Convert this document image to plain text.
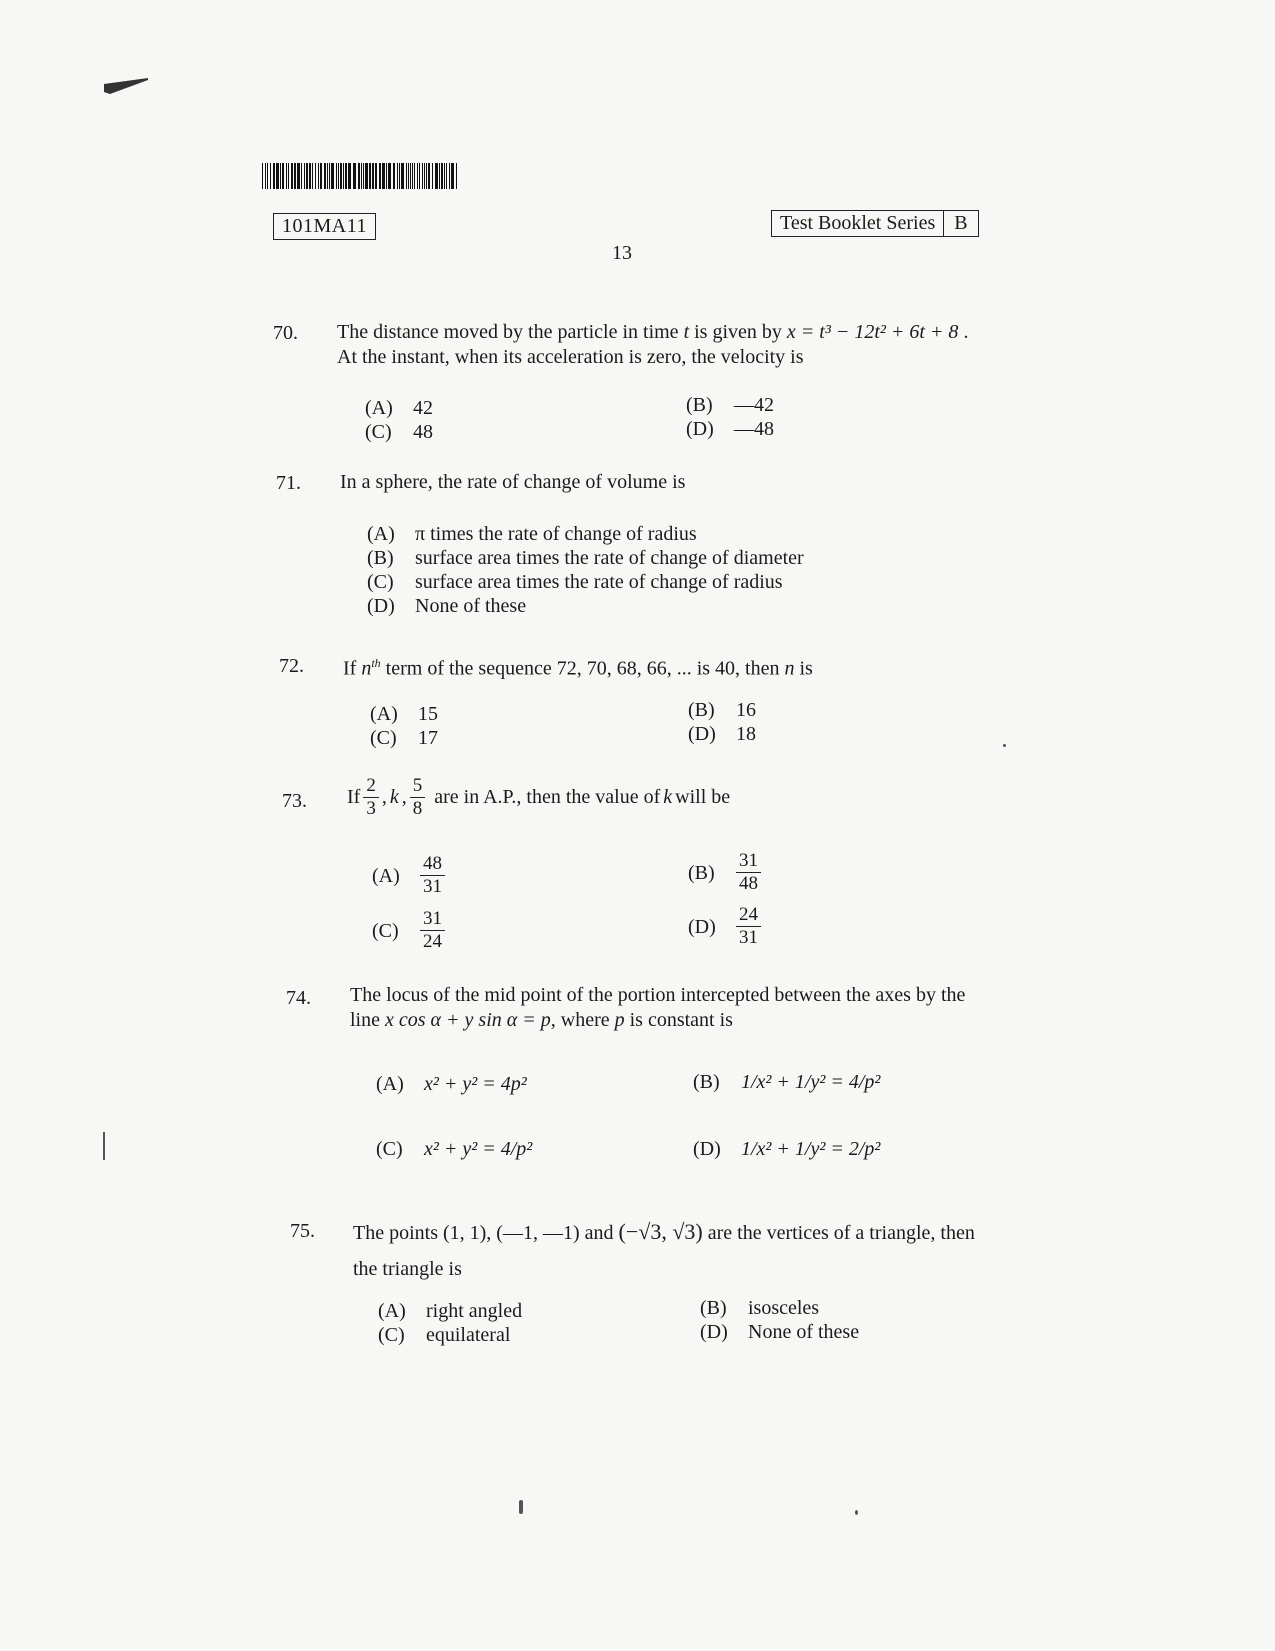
101MA11	Test Booklet Series B
13
70. The distance moved by the particle in time t is given by x = t³ − 12t² + 6t + 8 .
At the instant, when its acceleration is zero, the velocity is
(A) 42	(B) —42
(C) 48	(D) —48
71. In a sphere, the rate of change of volume is
(A) π times the rate of change of radius
(B) surface area times the rate of change of diameter
(C) surface area times the rate of change of radius
(D) None of these
72. If $n^{th}$ term of the sequence 72, 70, 68, 66, ... is 40, then n is
(A) 15	(B) 16
(C) 17	(D) 18
73. If $\frac{2}{3}$ , k , $\frac{5}{8}$ are in A.P., then the value of k will be
(A)	$\frac{48}{31}$	(B)	$\frac{31}{48}$
(C)	$\frac{31}{24}$	(D)	$\frac{24}{31}$
74. The locus of the mid point of the portion intercepted between the axes by the
line x cos α + y sin α = p, where p is constant is
(A) x² + y² = 4p²	(B) 1/x² + 1/y² = 4/p²
(C) x² + y² = 4/p²	(D) 1/x² + 1/y² = 2/p²
75. The points (1, 1), (—1, —1) and (−√3, √3) are the vertices of a triangle, then
the triangle is
(A) right angled	(B) isosceles
(C) equilateral	(D) None of these
